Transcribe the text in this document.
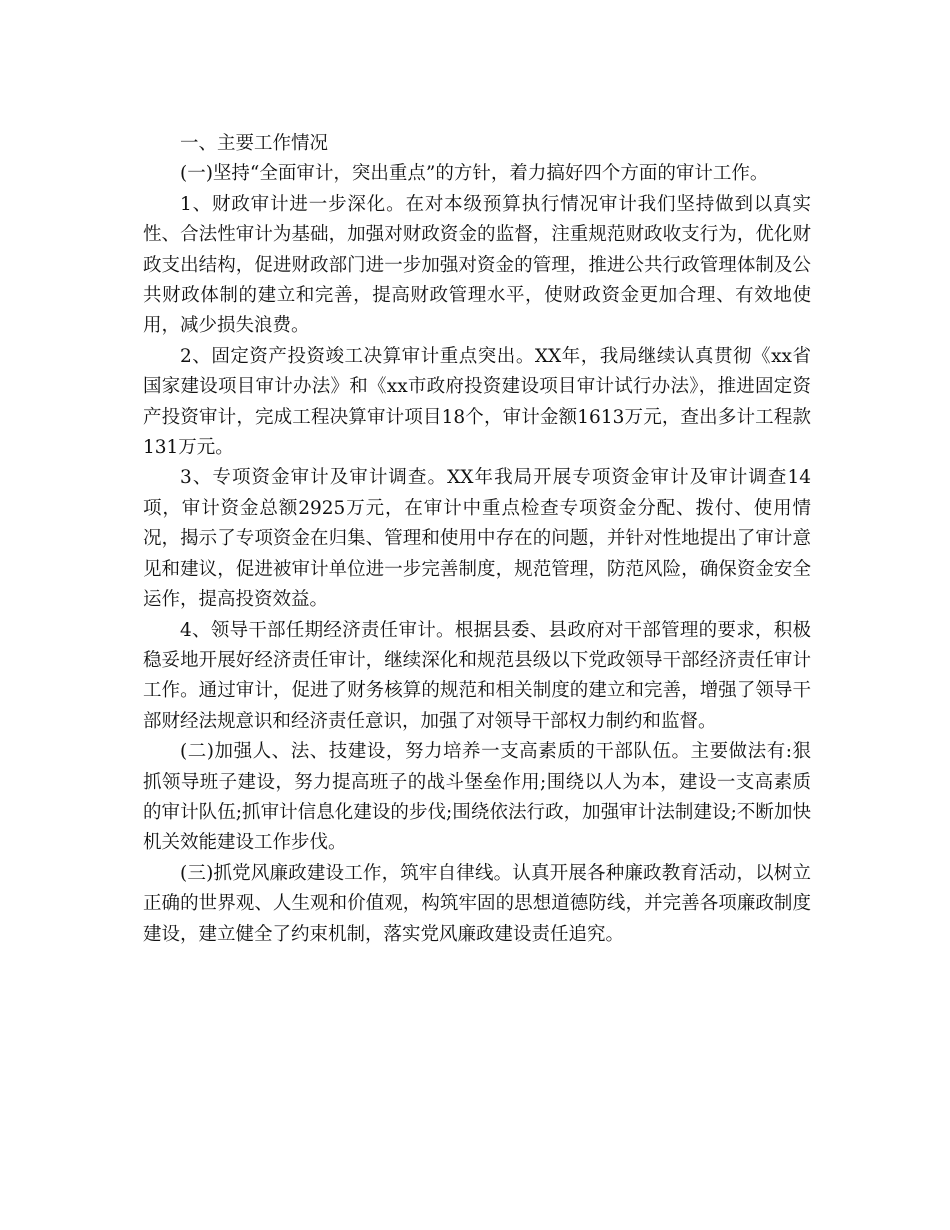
一、主要工作情况

(一)坚持“全面审计，突出重点”的方针，着力搞好四个方面的审计工作。

1、财政审计进一步深化。在对本级预算执行情况审计我们坚持做到以真实性、合法性审计为基础，加强对财政资金的监督，注重规范财政收支行为，优化财政支出结构，促进财政部门进一步加强对资金的管理，推进公共行政管理体制及公共财政体制的建立和完善，提高财政管理水平，使财政资金更加合理、有效地使用，减少损失浪费。

2、固定资产投资竣工决算审计重点突出。XX年，我局继续认真贯彻《xx省国家建设项目审计办法》和《xx市政府投资建设项目审计试行办法》，推进固定资产投资审计，完成工程决算审计项目18个，审计金额1613万元，查出多计工程款131万元。

3、专项资金审计及审计调查。XX年我局开展专项资金审计及审计调查14项，审计资金总额2925万元，在审计中重点检查专项资金分配、拨付、使用情况，揭示了专项资金在归集、管理和使用中存在的问题，并针对性地提出了审计意见和建议，促进被审计单位进一步完善制度，规范管理，防范风险，确保资金安全运作，提高投资效益。

4、领导干部任期经济责任审计。根据县委、县政府对干部管理的要求，积极稳妥地开展好经济责任审计，继续深化和规范县级以下党政领导干部经济责任审计工作。通过审计，促进了财务核算的规范和相关制度的建立和完善，增强了领导干部财经法规意识和经济责任意识，加强了对领导干部权力制约和监督。

(二)加强人、法、技建设，努力培养一支高素质的干部队伍。主要做法有:狠抓领导班子建设，努力提高班子的战斗堡垒作用;围绕以人为本，建设一支高素质的审计队伍;抓审计信息化建设的步伐;围绕依法行政，加强审计法制建设;不断加快机关效能建设工作步伐。

(三)抓党风廉政建设工作，筑牢自律线。认真开展各种廉政教育活动，以树立正确的世界观、人生观和价值观，构筑牢固的思想道德防线，并完善各项廉政制度建设，建立健全了约束机制，落实党风廉政建设责任追究。
